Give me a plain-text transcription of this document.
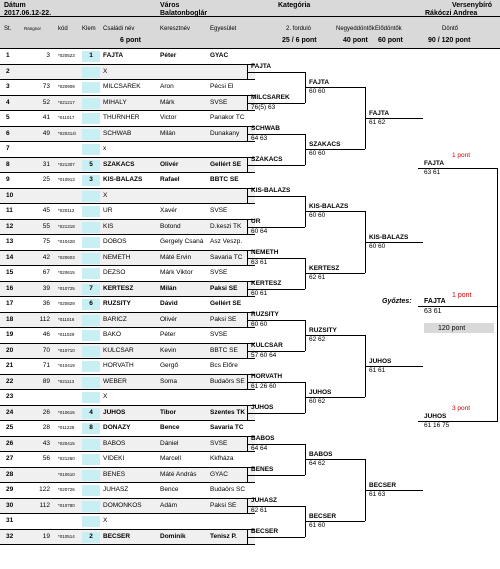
Dátum
2017.06.12-22.
Város
Balatonboglár
Kategória	Versenybíró
Rákóczi Andrea
St.	Rangsor	kód Klem Családi név	Keresztnév	Egyesület
6 pont
2. forduló
25 / 6 pont
Negyeddöntők
40 pont
Elődöntők
60 pont
Döntő
90 / 120 pont
1	3 *020523	1	FAJTA	Péter	GYAC
2	X
3	73 *020909	MILCSAREK	Aron	Pécsi El
4	52 *021217	MIHALY	Márk	SVSE
5	41 *011017	THURNHER	Victor	Panakor TC
6	49 *020314\	SCHWAB	Milán	Dunakany
7	x
8	31 *021307	5	SZAKACS	Olivér	Gellért SE
9	25 *010913	3	KIS-BALAZS	Rafael	BBTC SE
10	X
11	45 *020112	UR	Xavér	SVSE
12	55 *021318	KIS	Botond	D.keszi TK
13	75 *010428	DOBOS	Gergely Csaná Asz Veszp.
14	42 *020603	NEMETH	Máté Ervin	Savaria TC
15	67 *020615	DEZSO	Márk Viktor	SVSE
16	39 *010725	7	KERTESZ	Milán	Paksi SE
17	36 *020829	6	RUZSITY	Dávid	Gellért SE
18	112 *011016	BARICZ	Olivér	Paksi SE
19	46 *011029	BAKO	Péter	SVSE
20	70 *010710	KULCSAR	Kevin	BBTC SE
21	71 *010419	HORVATH	Gergő	Bcs Előre
22	89 *021113	WEBER	Soma	Budaörs SE
23	X
24	26 *010616	4	JUHOS	Tibor	Szentes TK
25	28 *011228	8	DONAZY	Bence	Savaria TC
26	43 *020415	BABOS	Dániel	SVSE
27	56 *021260	VIDEKI	Marcell	Kkfháza
28	*010610	BENES	Máté András GYAC
29	122 *020726	JUHASZ	Bence	Budaörs SC
30	112 *010780	DOMONKOS	Adám	Paksi SE
31	X
32	19 *010514	2	BECSER	Dominik	Tenisz P.
FAJTA
MILCSAREK
76(5) 63
SCHWAB
64 63
SZAKACS
KIS-BALAZS
UR
60 64
NEMETH
63 61
KERTESZ
60 61
RUZSITY
60 60
KULCSAR
57 60 64
HORVATH
61 26 60
JUHOS
BABOS
64 64
BENES
JUHASZ
62 61
BECSER
FAJTA
60 60
SZAKACS
60 60
KIS-BALAZS
60 60
KERTESZ
62 61
RUZSITY
62 62
JUHOS
60 62
BABOS
64 62
BECSER
61 60
FAJTA
61 62
KIS-BALAZS
60 60
JUHOS
61 61
BECSER
61 63
FAJTA
63 61
1 pont
JUHOS
61 16 75
3 pont
Győztes:
1 pont
FAJTA
63 61
120 pont
